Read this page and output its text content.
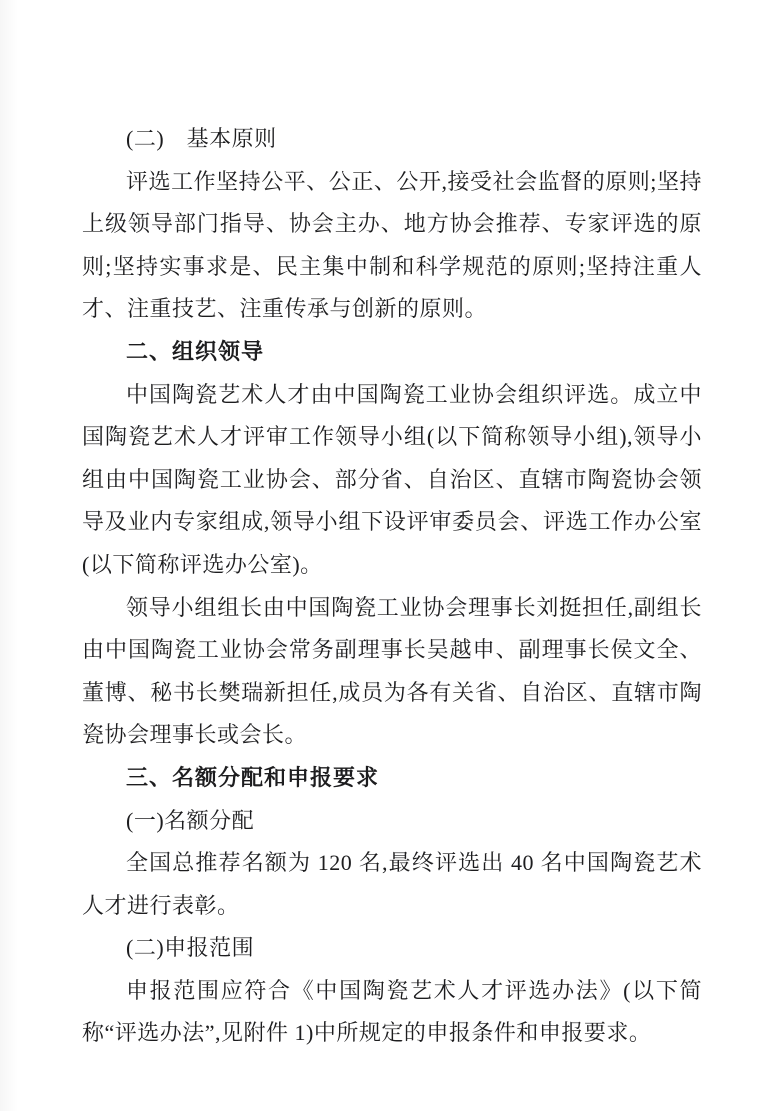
(二)　基本原则
评选工作坚持公平、公正、公开,接受社会监督的原则;坚持上级领导部门指导、协会主办、地方协会推荐、专家评选的原则;坚持实事求是、民主集中制和科学规范的原则;坚持注重人才、注重技艺、注重传承与创新的原则。
二、组织领导
中国陶瓷艺术人才由中国陶瓷工业协会组织评选。成立中国陶瓷艺术人才评审工作领导小组(以下简称领导小组),领导小组由中国陶瓷工业协会、部分省、自治区、直辖市陶瓷协会领导及业内专家组成,领导小组下设评审委员会、评选工作办公室(以下简称评选办公室)。
领导小组组长由中国陶瓷工业协会理事长刘挺担任,副组长由中国陶瓷工业协会常务副理事长吴越申、副理事长侯文全、董博、秘书长樊瑞新担任,成员为各有关省、自治区、直辖市陶瓷协会理事长或会长。
三、名额分配和申报要求
(一)名额分配
全国总推荐名额为 120 名,最终评选出 40 名中国陶瓷艺术人才进行表彰。
(二)申报范围
申报范围应符合《中国陶瓷艺术人才评选办法》(以下简称“评选办法”,见附件 1)中所规定的申报条件和申报要求。
